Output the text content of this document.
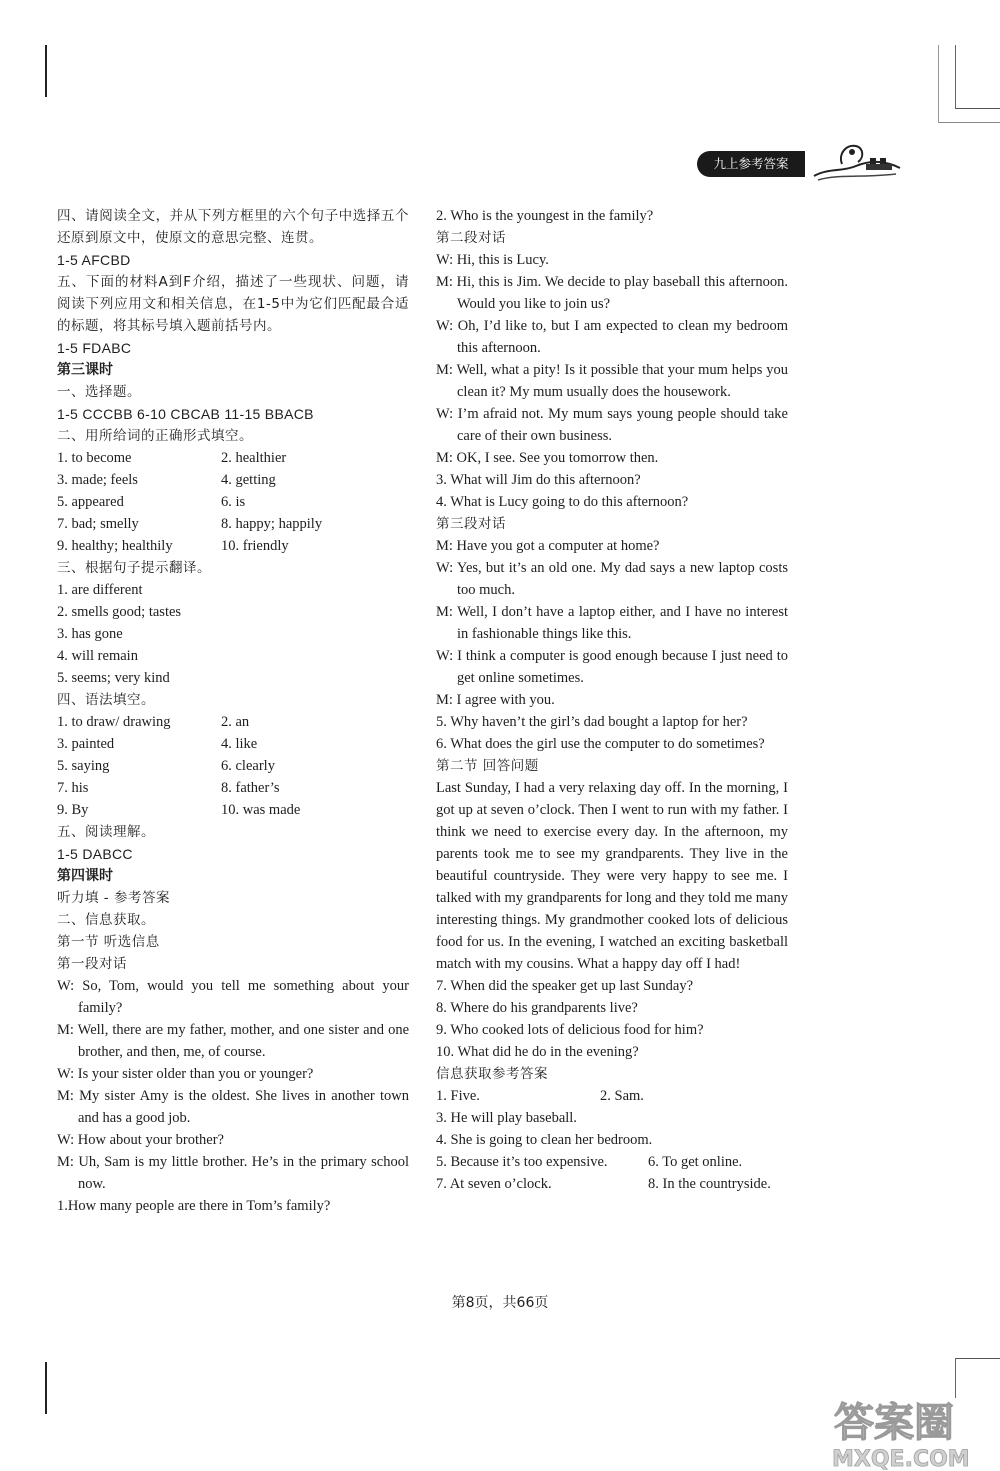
九上参考答案

四、请阅读全文，并从下列方框里的六个句子中选择五个还原到原文中，使原文的意思完整、连贯。

1-5 AFCBD

五、下面的材料A到F介绍，描述了一些现状、问题，请阅读下列应用文和相关信息，在1-5中为它们匹配最合适的标题，将其标号填入题前括号内。

1-5 FDABC

第三课时

一、选择题。

1-5 CCCBB 6-10 CBCAB 11-15 BBACB

二、用所给词的正确形式填空。

1. to become	2. healthier

3. made; feels	4. getting

5. appeared	6. is

7. bad; smelly	8. happy; happily

9. healthy; healthily	10. friendly

三、根据句子提示翻译。

1. are different

2. smells good; tastes

3. has gone

4. will remain

5. seems; very kind

四、语法填空。

1. to draw/ drawing	2. an

3. painted	4. like

5. saying	6. clearly

7. his	8. father’s

9. By	10. was made

五、阅读理解。

1-5 DABCC

第四课时

听力填 - 参考答案

二、信息获取。

第一节 听选信息

第一段对话

W: So, Tom, would you tell me something about your family?

M: Well, there are my father, mother, and one sister and one brother, and then, me, of course.

W: Is your sister older than you or younger?

M: My sister Amy is the oldest. She lives in another town and has a good job.

W: How about your brother?

M: Uh, Sam is my little brother. He’s in the primary school now.

1.How many people are there in Tom’s family?

2. Who is the youngest in the family?

第二段对话

W: Hi, this is Lucy.

M: Hi, this is Jim. We decide to play baseball this afternoon. Would you like to join us?

W: Oh, I’d like to, but I am expected to clean my bedroom this afternoon.

M: Well, what a pity! Is it possible that your mum helps you clean it? My mum usually does the housework.

W: I’m afraid not. My mum says young people should take care of their own business.

M: OK, I see. See you tomorrow then.

3. What will Jim do this afternoon?

4. What is Lucy going to do this afternoon?

第三段对话

M: Have you got a computer at home?

W: Yes, but it’s an old one. My dad says a new laptop costs too much.

M: Well, I don’t have a laptop either, and I have no interest in fashionable things like this.

W: I think a computer is good enough because I just need to get online sometimes.

M: I agree with you.

5. Why haven’t the girl’s dad bought a laptop for her?

6. What does the girl use the computer to do sometimes?

第二节 回答问题

Last Sunday, I had a very relaxing day off. In the morning, I got up at seven o’clock. Then I went to run with my father. I think we need to exercise every day. In the afternoon, my parents took me to see my grandparents. They live in the beautiful countryside. They were very happy to see me. I talked with my grandparents for long and they told me many interesting things. My grandmother cooked lots of delicious food for us. In the evening, I watched an exciting basketball match with my cousins. What a happy day off I had!

7. When did the speaker get up last Sunday?

8. Where do his grandparents live?

9. Who cooked lots of delicious food for him?

10. What did he do in the evening?

信息获取参考答案

1. Five.	2. Sam.

3. He will play baseball.

4. She is going to clean her bedroom.

5. Because it’s too expensive.	6. To get online.

7. At seven o’clock.	8. In the countryside.

第8页，共66页
答案圈
MXQE.COM
